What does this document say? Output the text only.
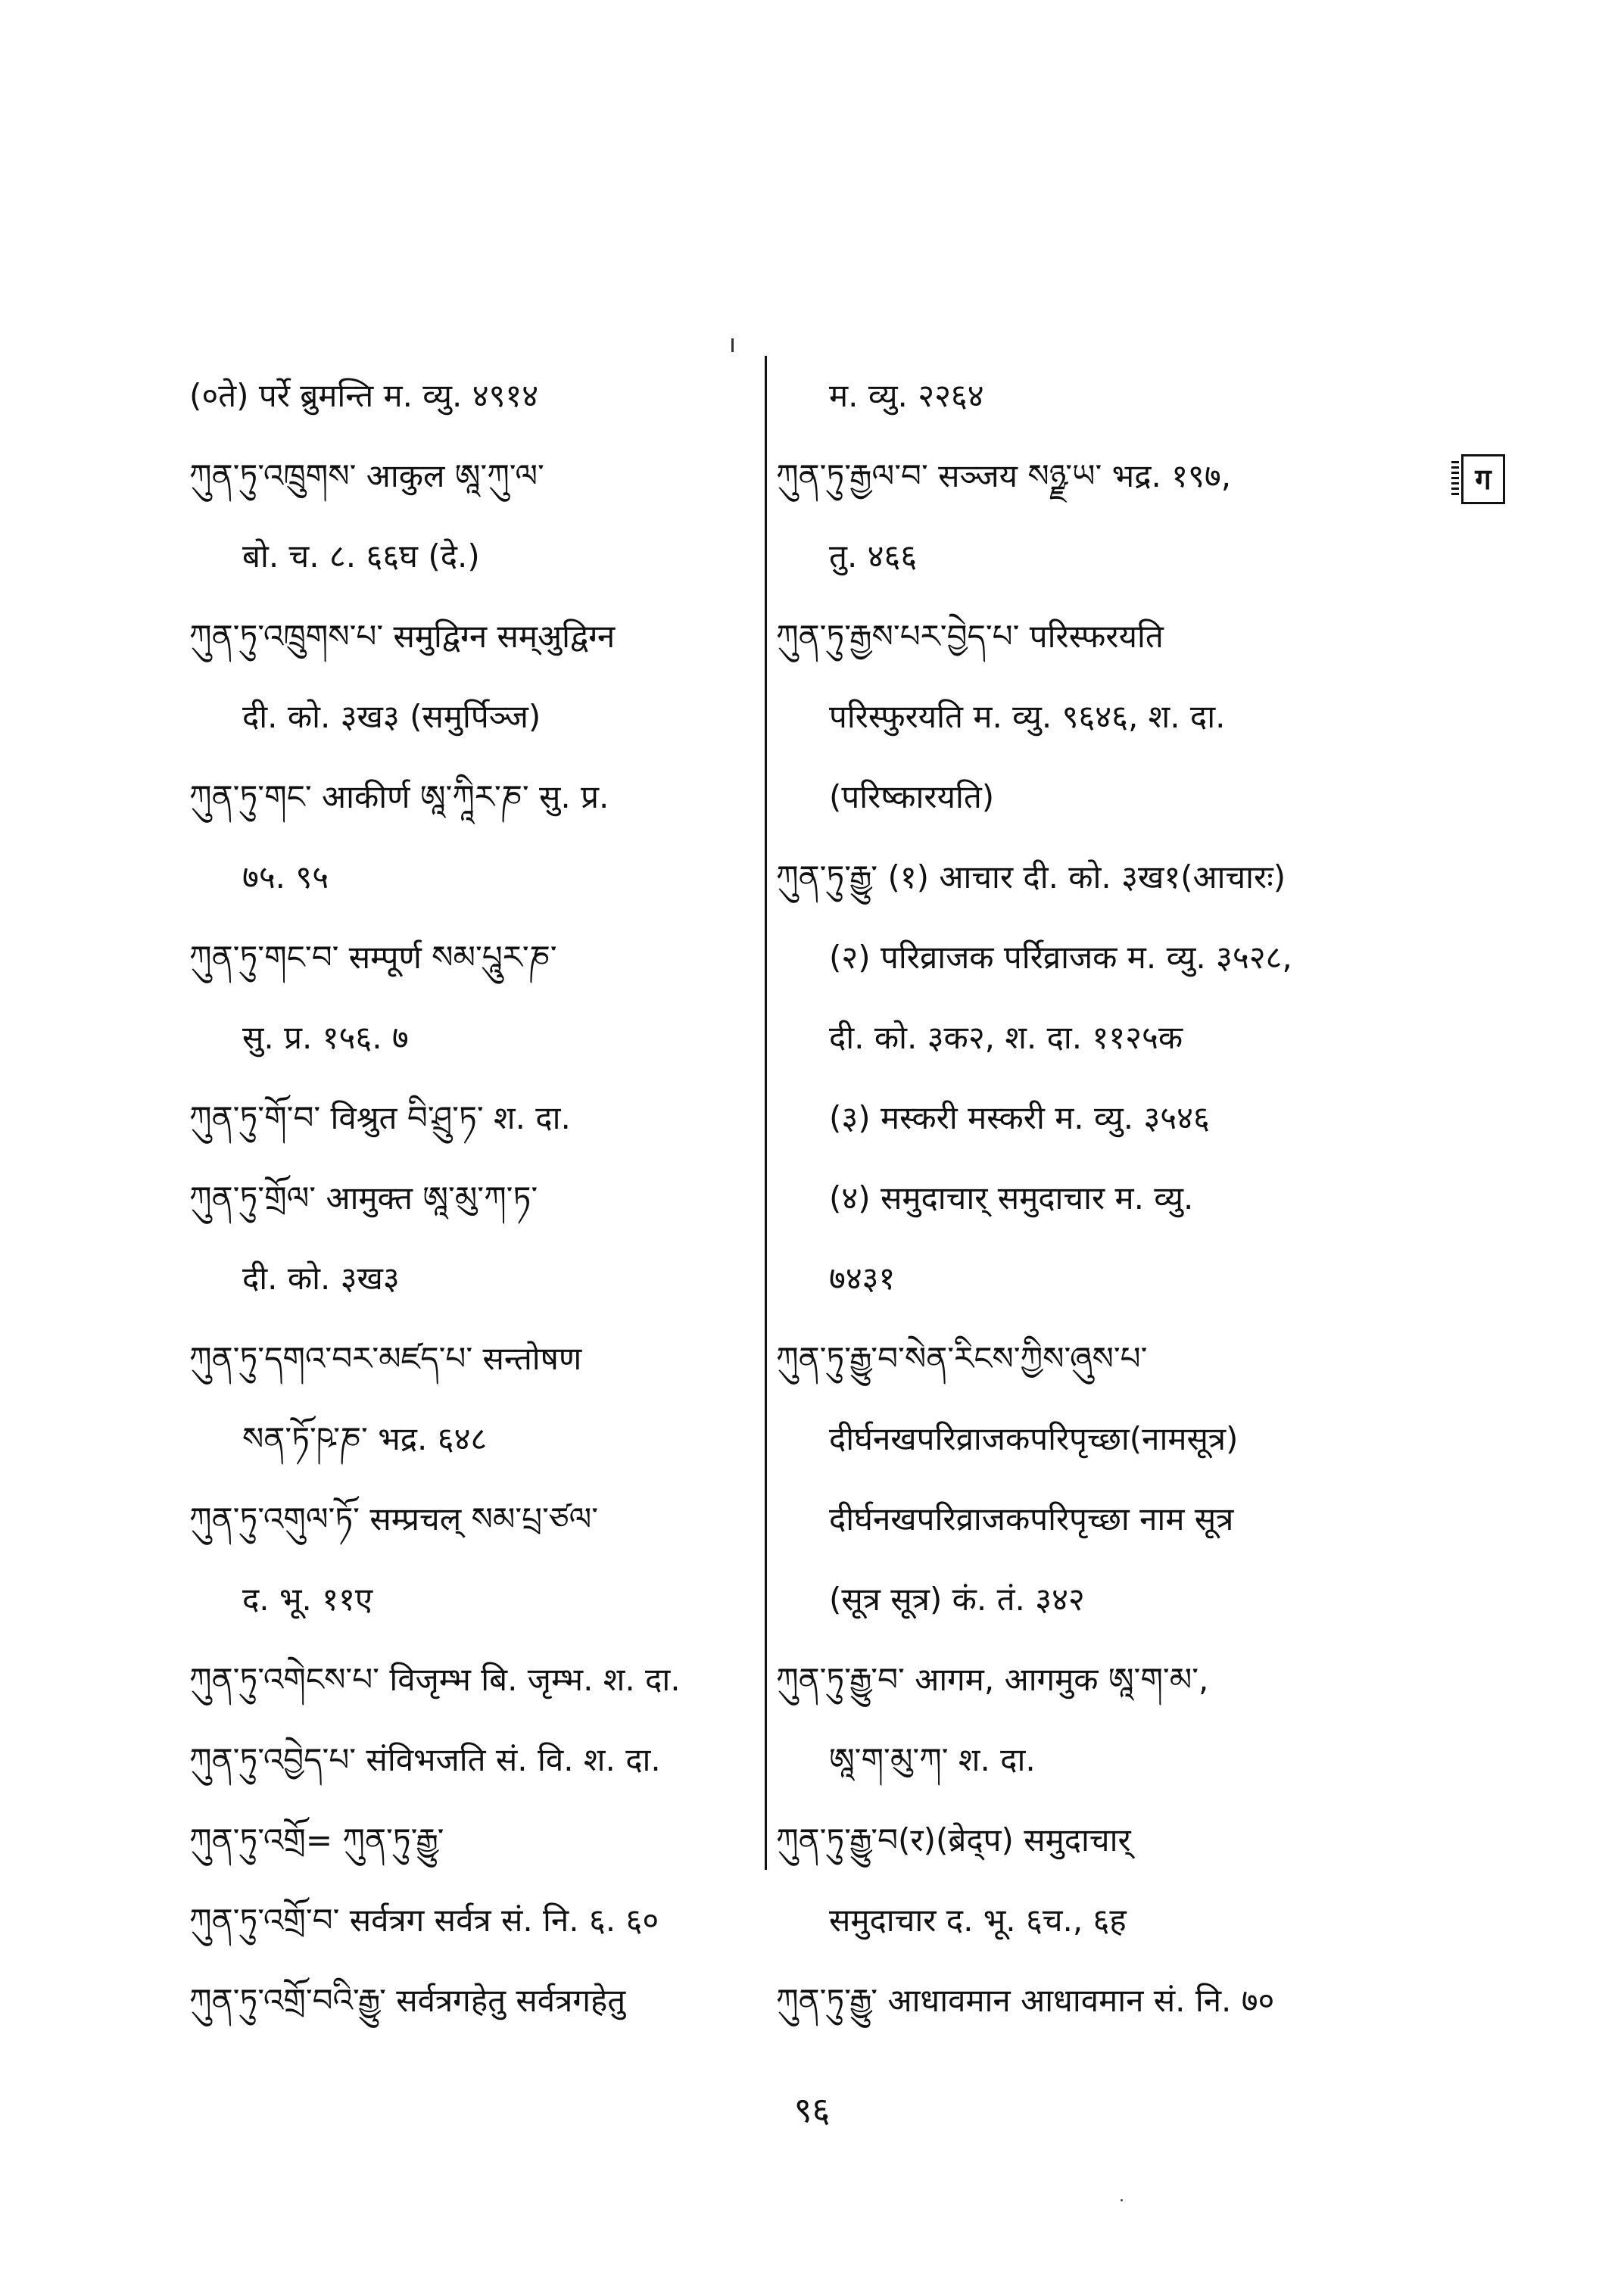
(०ते) पर्रे ब्रुमन्ति म. व्यु. ४९१४
ཀུན་ཏུ་འཁྲུགས་ आकुल ཨཱ་ཀུ་ལ་
बो. च. ८. ६६घ (दे.)
ཀུན་ཏུ་འཁྲུགས་པ་ समुद्विग्न सम्अुद्विग्न
दी. को. ३ख३ (समुर्पिञ्ज)
ཀུན་ཏུ་གང་ आकीर्ण ཨཱ་ཀཱིར་ཎ་ सु. प्र.
७५. ९५
ཀུན་ཏུ་གང་བ་ सम्पूर्ण སམ་པཱུར་ཎ་
सु. प्र. १५६. ७
ཀུན་ཏུ་གོ་བ་ विश्रुत བི་ཤྲུ་ཏ་ श. दा.
ཀུན་ཏུ་གྲོལ་ आमुक्त ཨཱ་མུ་ཀ་ཏ་
दी. को. ३ख३
ཀུན་ཏུ་དགའ་བར་མཛད་པ་ सन्तोषण
སན་ཏོ་ཥ་ཎ་ भद्र. ६४८
ཀུན་ཏུ་འགུལ་ཏོ་ सम्प्रचल् སམ་པྲ་ཙལ་
द. भू. ११ए
ཀུན་ཏུ་འགེངས་པ་ विजृम्भ बि. जृम्भ. श. दा.
ཀུན་ཏུ་འབྱེད་པ་ संविभजति सं. वि. श. दा.
ཀུན་ཏུ་འགྲོ= ཀུན་ཏུ་རྒྱུ་
ཀུན་ཏུ་འགྲོ་བ་ सर्वत्रग सर्वत्र सं. नि. ६. ६०
ཀུན་ཏུ་འགྲོ་བའི་རྒྱུ་ सर्वत्रगहेतु सर्वत्रगहेतु
म. व्यु. २२६४
ཀུན་ཏུ་རྒྱལ་བ་ सञ्जय སཉྫ་ཡ་ भद्र. १९७,
तु. ४६६
ཀུན་ཏུ་རྒྱས་པར་བྱེད་པ་ परिस्फरयति
परिस्फुरयति म. व्यु. ९६४६, श. दा.
(परिष्कारयति)
ཀུན་ཏུ་རྒྱུ་ (१) आचार दी. को. ३ख१(आचारः)
(२) परिव्राजक पर्रिव्राजक म. व्यु. ३५२८,
दी. को. ३क२, श. दा. ११२५क
(३) मस्करी मस्करी म. व्यु. ३५४६
(४) समुदाचार् समुदाचार म. व्यु.
७४३१
ཀུན་ཏུ་རྒྱུ་བ་སེན་རིངས་ཀྱིས་ཞུས་པ་
दीर्घनखपरिव्राजकपरिपृच्छा(नामसूत्र)
दीर्घनखपरिव्राजकपरिपृच्छा नाम सूत्र
(सूत्र सूत्र) कं. तं. ३४२
ཀུན་ཏུ་རྒྱུ་བ་ आगम, आगमुक ཨཱ་ག་མ་,
ཨཱ་ག་མུ་ཀ་ श. दा.
ཀུན་ཏུ་རྒྱུ་བ(र)(ब्रेद्‌प) समुदाचार्
समुदाचार द. भू. ६च., ६ह
ཀུན་ཏུ་རྒྱུ་ आधावमान आधावमान सं. नि. ७०
ग
९६
